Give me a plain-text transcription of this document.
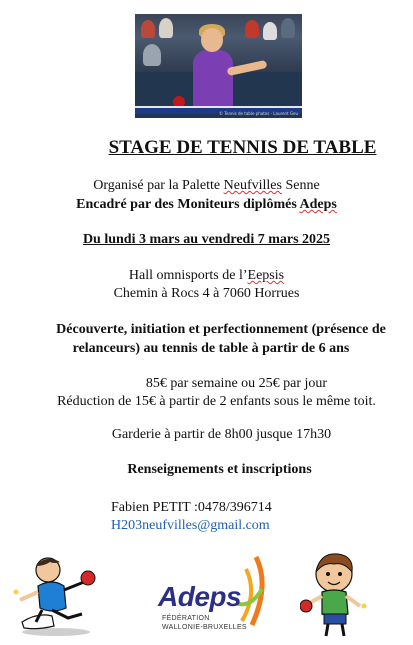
© Tennis de table photos - Laurent Geu
STAGE DE TENNIS DE TABLE
Organisé par la Palette Neufvilles Senne
Encadré par des Moniteurs diplômés Adeps
Du lundi 3 mars au vendredi 7 mars 2025
Hall omnisports de l’Eepsis
Chemin à Rocs 4 à 7060 Horrues
Découverte, initiation et perfectionnement (présence de
relanceurs) au tennis de table à partir de 6 ans
85€ par semaine ou 25€ par jour
Réduction de 15€ à partir de 2 enfants sous le même toit.
Garderie à partir de 8h00 jusque 17h30
Renseignements et inscriptions
Fabien PETIT :0478/396714
H203neufvilles@gmail.com
Adeps
FÉDÉRATION
WALLONIE-BRUXELLES
